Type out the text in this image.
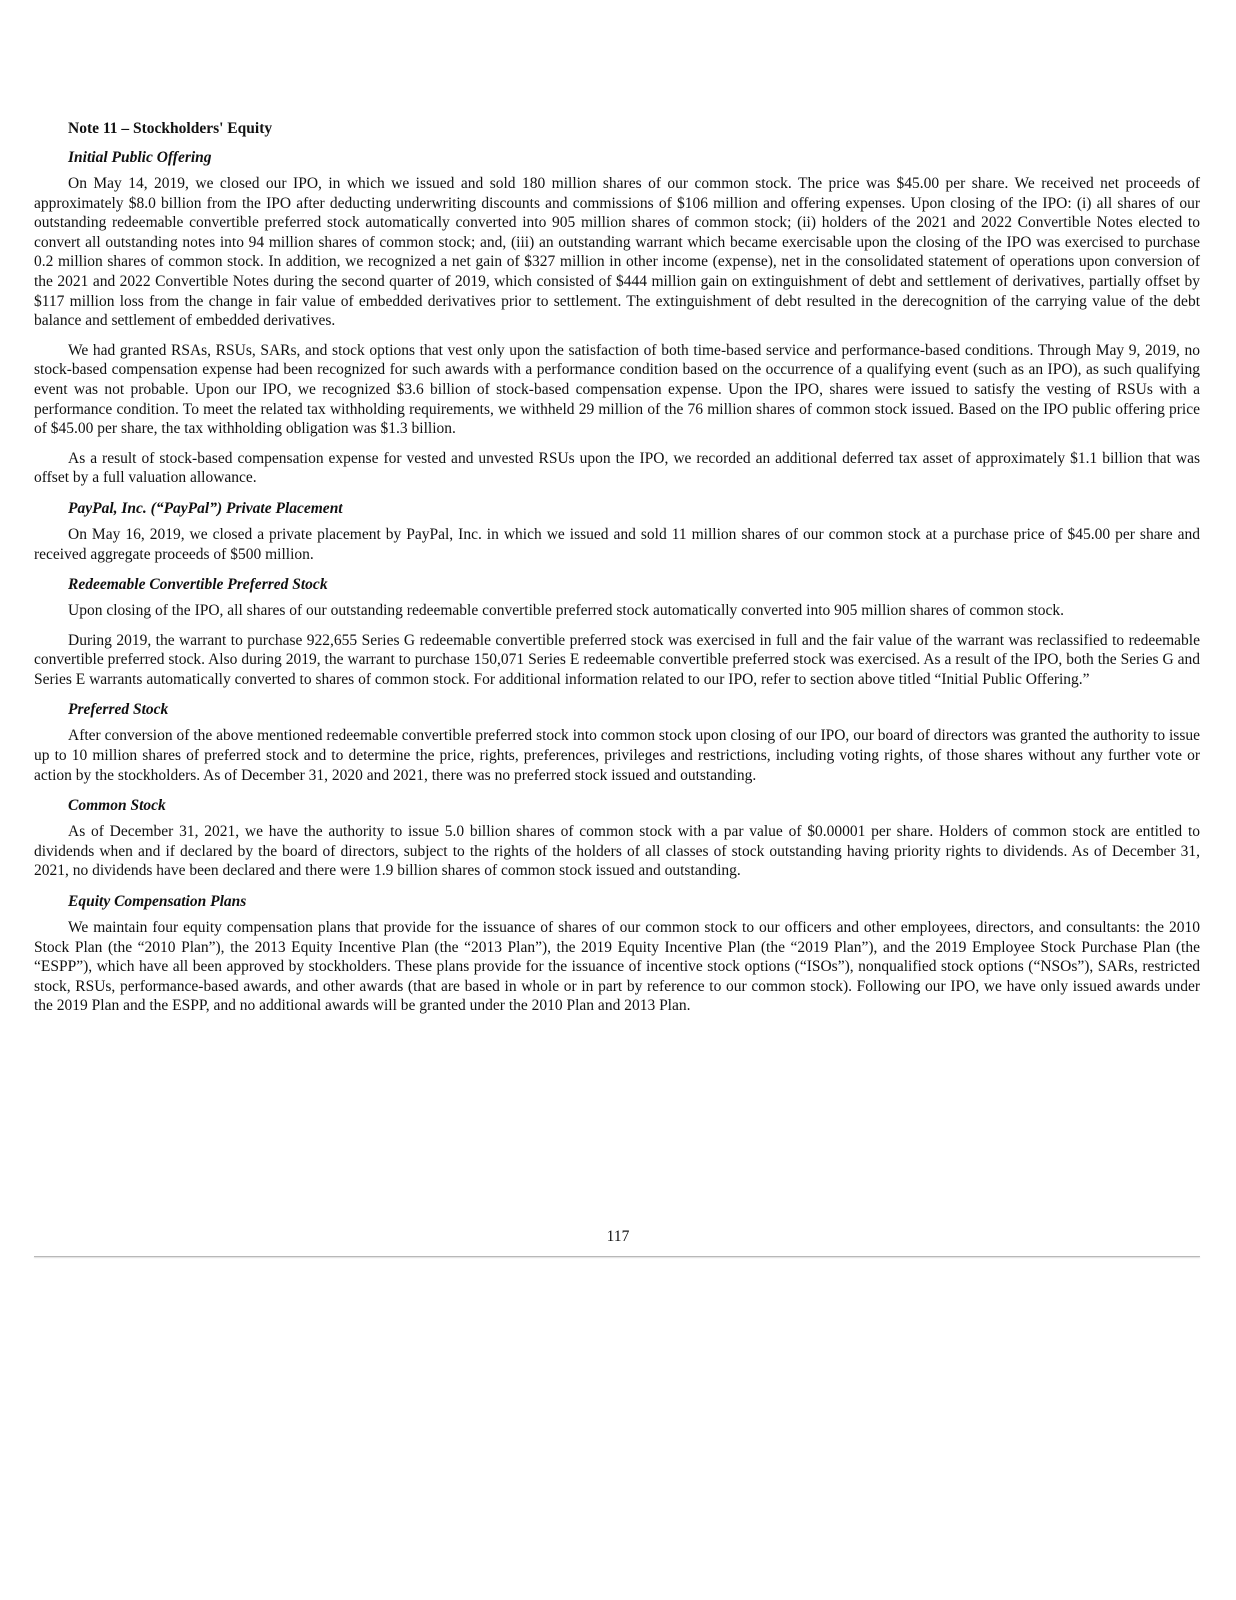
Note 11 – Stockholders' Equity
Initial Public Offering

On May 14, 2019, we closed our IPO, in which we issued and sold 180 million shares of our common stock. The price was $45.00 per share. We received net proceeds of approximately $8.0 billion from the IPO after deducting underwriting discounts and commissions of $106 million and offering expenses. Upon closing of the IPO: (i) all shares of our outstanding redeemable convertible preferred stock automatically converted into 905 million shares of common stock; (ii) holders of the 2021 and 2022 Convertible Notes elected to convert all outstanding notes into 94 million shares of common stock; and, (iii) an outstanding warrant which became exercisable upon the closing of the IPO was exercised to purchase 0.2 million shares of common stock. In addition, we recognized a net gain of $327 million in other income (expense), net in the consolidated statement of operations upon conversion of the 2021 and 2022 Convertible Notes during the second quarter of 2019, which consisted of $444 million gain on extinguishment of debt and settlement of derivatives, partially offset by $117 million loss from the change in fair value of embedded derivatives prior to settlement. The extinguishment of debt resulted in the derecognition of the carrying value of the debt balance and settlement of embedded derivatives.

We had granted RSAs, RSUs, SARs, and stock options that vest only upon the satisfaction of both time-based service and performance-based conditions. Through May 9, 2019, no stock-based compensation expense had been recognized for such awards with a performance condition based on the occurrence of a qualifying event (such as an IPO), as such qualifying event was not probable. Upon our IPO, we recognized $3.6 billion of stock-based compensation expense. Upon the IPO, shares were issued to satisfy the vesting of RSUs with a performance condition. To meet the related tax withholding requirements, we withheld 29 million of the 76 million shares of common stock issued. Based on the IPO public offering price of $45.00 per share, the tax withholding obligation was $1.3 billion.

As a result of stock-based compensation expense for vested and unvested RSUs upon the IPO, we recorded an additional deferred tax asset of approximately $1.1 billion that was offset by a full valuation allowance.

PayPal, Inc. (“PayPal”) Private Placement

On May 16, 2019, we closed a private placement by PayPal, Inc. in which we issued and sold 11 million shares of our common stock at a purchase price of $45.00 per share and received aggregate proceeds of $500 million.

Redeemable Convertible Preferred Stock

Upon closing of the IPO, all shares of our outstanding redeemable convertible preferred stock automatically converted into 905 million shares of common stock.

During 2019, the warrant to purchase 922,655 Series G redeemable convertible preferred stock was exercised in full and the fair value of the warrant was reclassified to redeemable convertible preferred stock. Also during 2019, the warrant to purchase 150,071 Series E redeemable convertible preferred stock was exercised. As a result of the IPO, both the Series G and Series E warrants automatically converted to shares of common stock. For additional information related to our IPO, refer to section above titled “Initial Public Offering.”

Preferred Stock

After conversion of the above mentioned redeemable convertible preferred stock into common stock upon closing of our IPO, our board of directors was granted the authority to issue up to 10 million shares of preferred stock and to determine the price, rights, preferences, privileges and restrictions, including voting rights, of those shares without any further vote or action by the stockholders. As of December 31, 2020 and 2021, there was no preferred stock issued and outstanding.

Common Stock

As of December 31, 2021, we have the authority to issue 5.0 billion shares of common stock with a par value of $0.00001 per share. Holders of common stock are entitled to dividends when and if declared by the board of directors, subject to the rights of the holders of all classes of stock outstanding having priority rights to dividends. As of December 31, 2021, no dividends have been declared and there were 1.9 billion shares of common stock issued and outstanding.

Equity Compensation Plans

We maintain four equity compensation plans that provide for the issuance of shares of our common stock to our officers and other employees, directors, and consultants: the 2010 Stock Plan (the “2010 Plan”), the 2013 Equity Incentive Plan (the “2013 Plan”), the 2019 Equity Incentive Plan (the “2019 Plan”), and the 2019 Employee Stock Purchase Plan (the “ESPP”), which have all been approved by stockholders. These plans provide for the issuance of incentive stock options (“ISOs”), nonqualified stock options (“NSOs”), SARs, restricted stock, RSUs, performance-based awards, and other awards (that are based in whole or in part by reference to our common stock). Following our IPO, we have only issued awards under the 2019 Plan and the ESPP, and no additional awards will be granted under the 2010 Plan and 2013 Plan.

117
